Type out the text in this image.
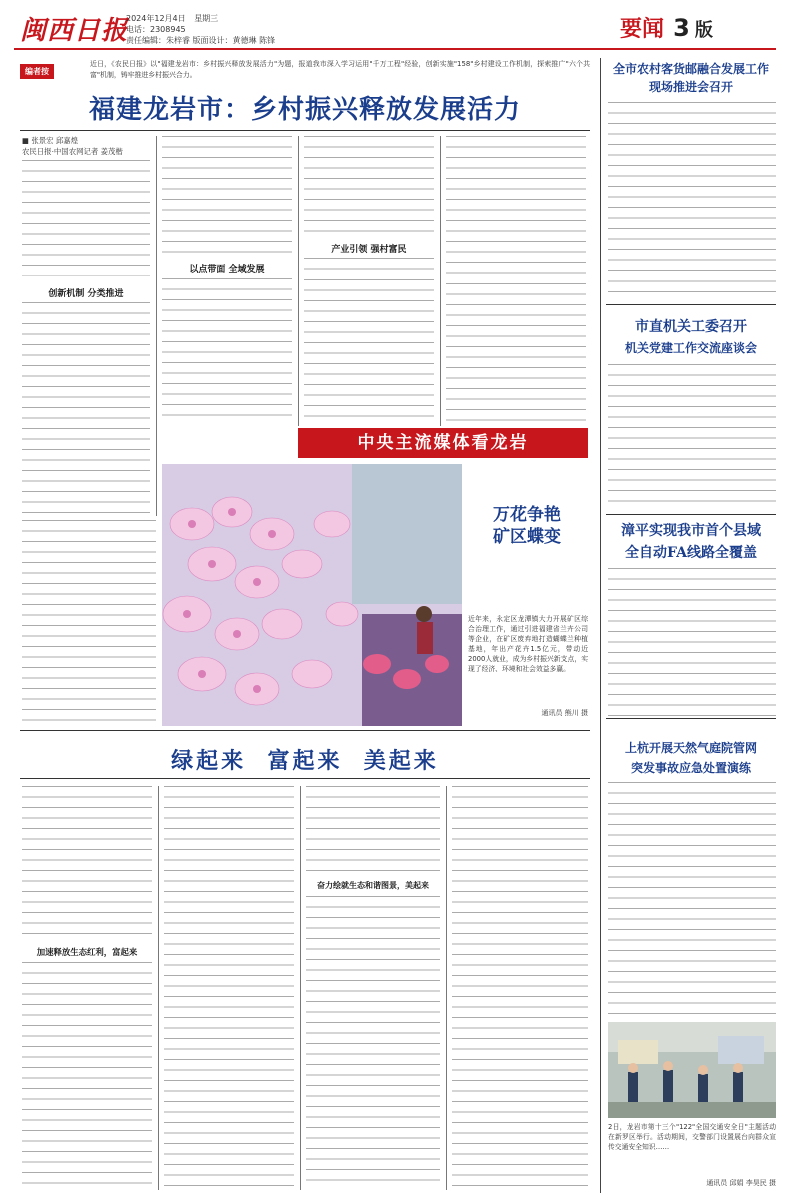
闽西日报
2024年12月4日 星期三
电话：2308945
责任编辑：朱梓睿 版面设计：黄德琳 陈锋	要闻 3 版
编者按
近日，《农民日报》以"福建龙岩市：乡村振兴释放发展活力"为题，报道我市深入学习运用"千万工程"经验，创新实施"158"乡村建设工作机制，探索推广"六个共富"机制，铸牢推进乡村振兴合力。
福建龙岩市：乡村振兴释放发展活力
■ 张景宏 邱嘉煌
农民日报·中国农网记者 姜茂楷
创新机制 分类推进
以点带面 全域发展
产业引领 强村富民
中央主流媒体看龙岩
万花争艳
矿区蝶变
近年来，永定区龙潭镇大力开展矿区综合治理工作，通过引进福建省兰卉公司等企业，在矿区废弃地打造蝴蝶兰种植基地，年出产花卉1.5亿元，带动近2000人就业，成为乡村振兴新支点，实现了经济、环境和社会效益多赢。
通讯员 熊川 摄
绿起来  富起来  美起来
加速释放生态红利，富起来
奋力绘就生态和谐图景，美起来
全市农村客货邮融合发展工作
现场推进会召开
市直机关工委召开
机关党建工作交流座谈会
漳平实现我市首个县域
全自动FA线路全覆盖
上杭开展天然气庭院管网
突发事故应急处置演练
2日，龙岩市第十三个"122"全国交通安全日"主题活动在新罗区举行。活动期间，交警部门设置展台向群众宣传交通安全知识……
通讯员 邱娟 李昊民 摄
